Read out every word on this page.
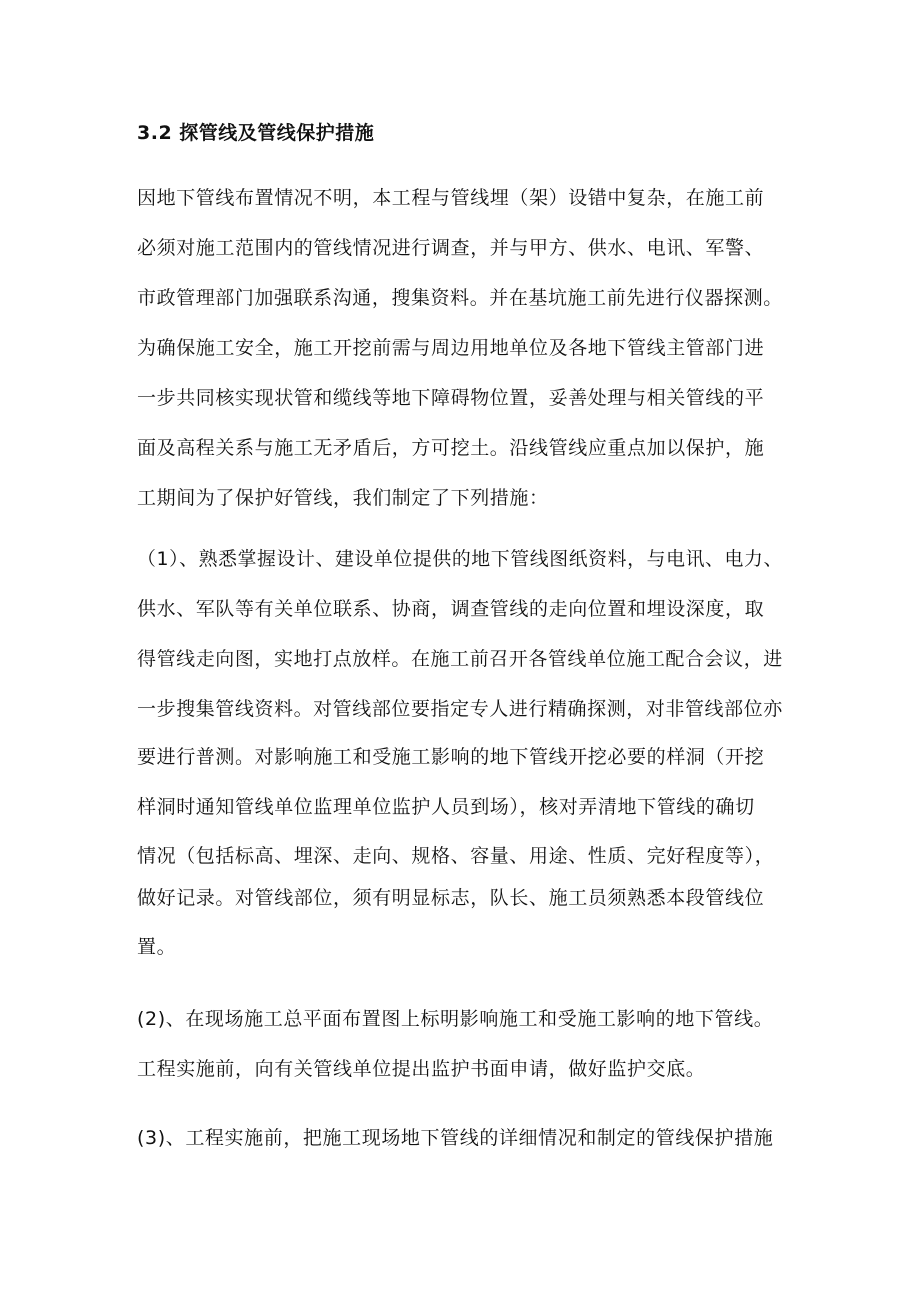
3.2 探管线及管线保护措施
因地下管线布置情况不明，本工程与管线埋（架）设错中复杂，在施工前
必须对施工范围内的管线情况进行调查，并与甲方、供水、电讯、军警、
市政管理部门加强联系沟通，搜集资料。并在基坑施工前先进行仪器探测。
为确保施工安全，施工开挖前需与周边用地单位及各地下管线主管部门进
一步共同核实现状管和缆线等地下障碍物位置，妥善处理与相关管线的平
面及高程关系与施工无矛盾后，方可挖土。沿线管线应重点加以保护，施
工期间为了保护好管线，我们制定了下列措施：
（1）、熟悉掌握设计、建设单位提供的地下管线图纸资料，与电讯、电力、
供水、军队等有关单位联系、协商，调查管线的走向位置和埋设深度，取
得管线走向图，实地打点放样。在施工前召开各管线单位施工配合会议，进
一步搜集管线资料。对管线部位要指定专人进行精确探测，对非管线部位亦
要进行普测。对影响施工和受施工影响的地下管线开挖必要的样洞（开挖
样洞时通知管线单位监理单位监护人员到场），核对弄清地下管线的确切
情况（包括标高、埋深、走向、规格、容量、用途、性质、完好程度等），
做好记录。对管线部位，须有明显标志，队长、施工员须熟悉本段管线位
置。
(2)、在现场施工总平面布置图上标明影响施工和受施工影响的地下管线。
工程实施前，向有关管线单位提出监护书面申请，做好监护交底。
(3)、工程实施前，把施工现场地下管线的详细情况和制定的管线保护措施
